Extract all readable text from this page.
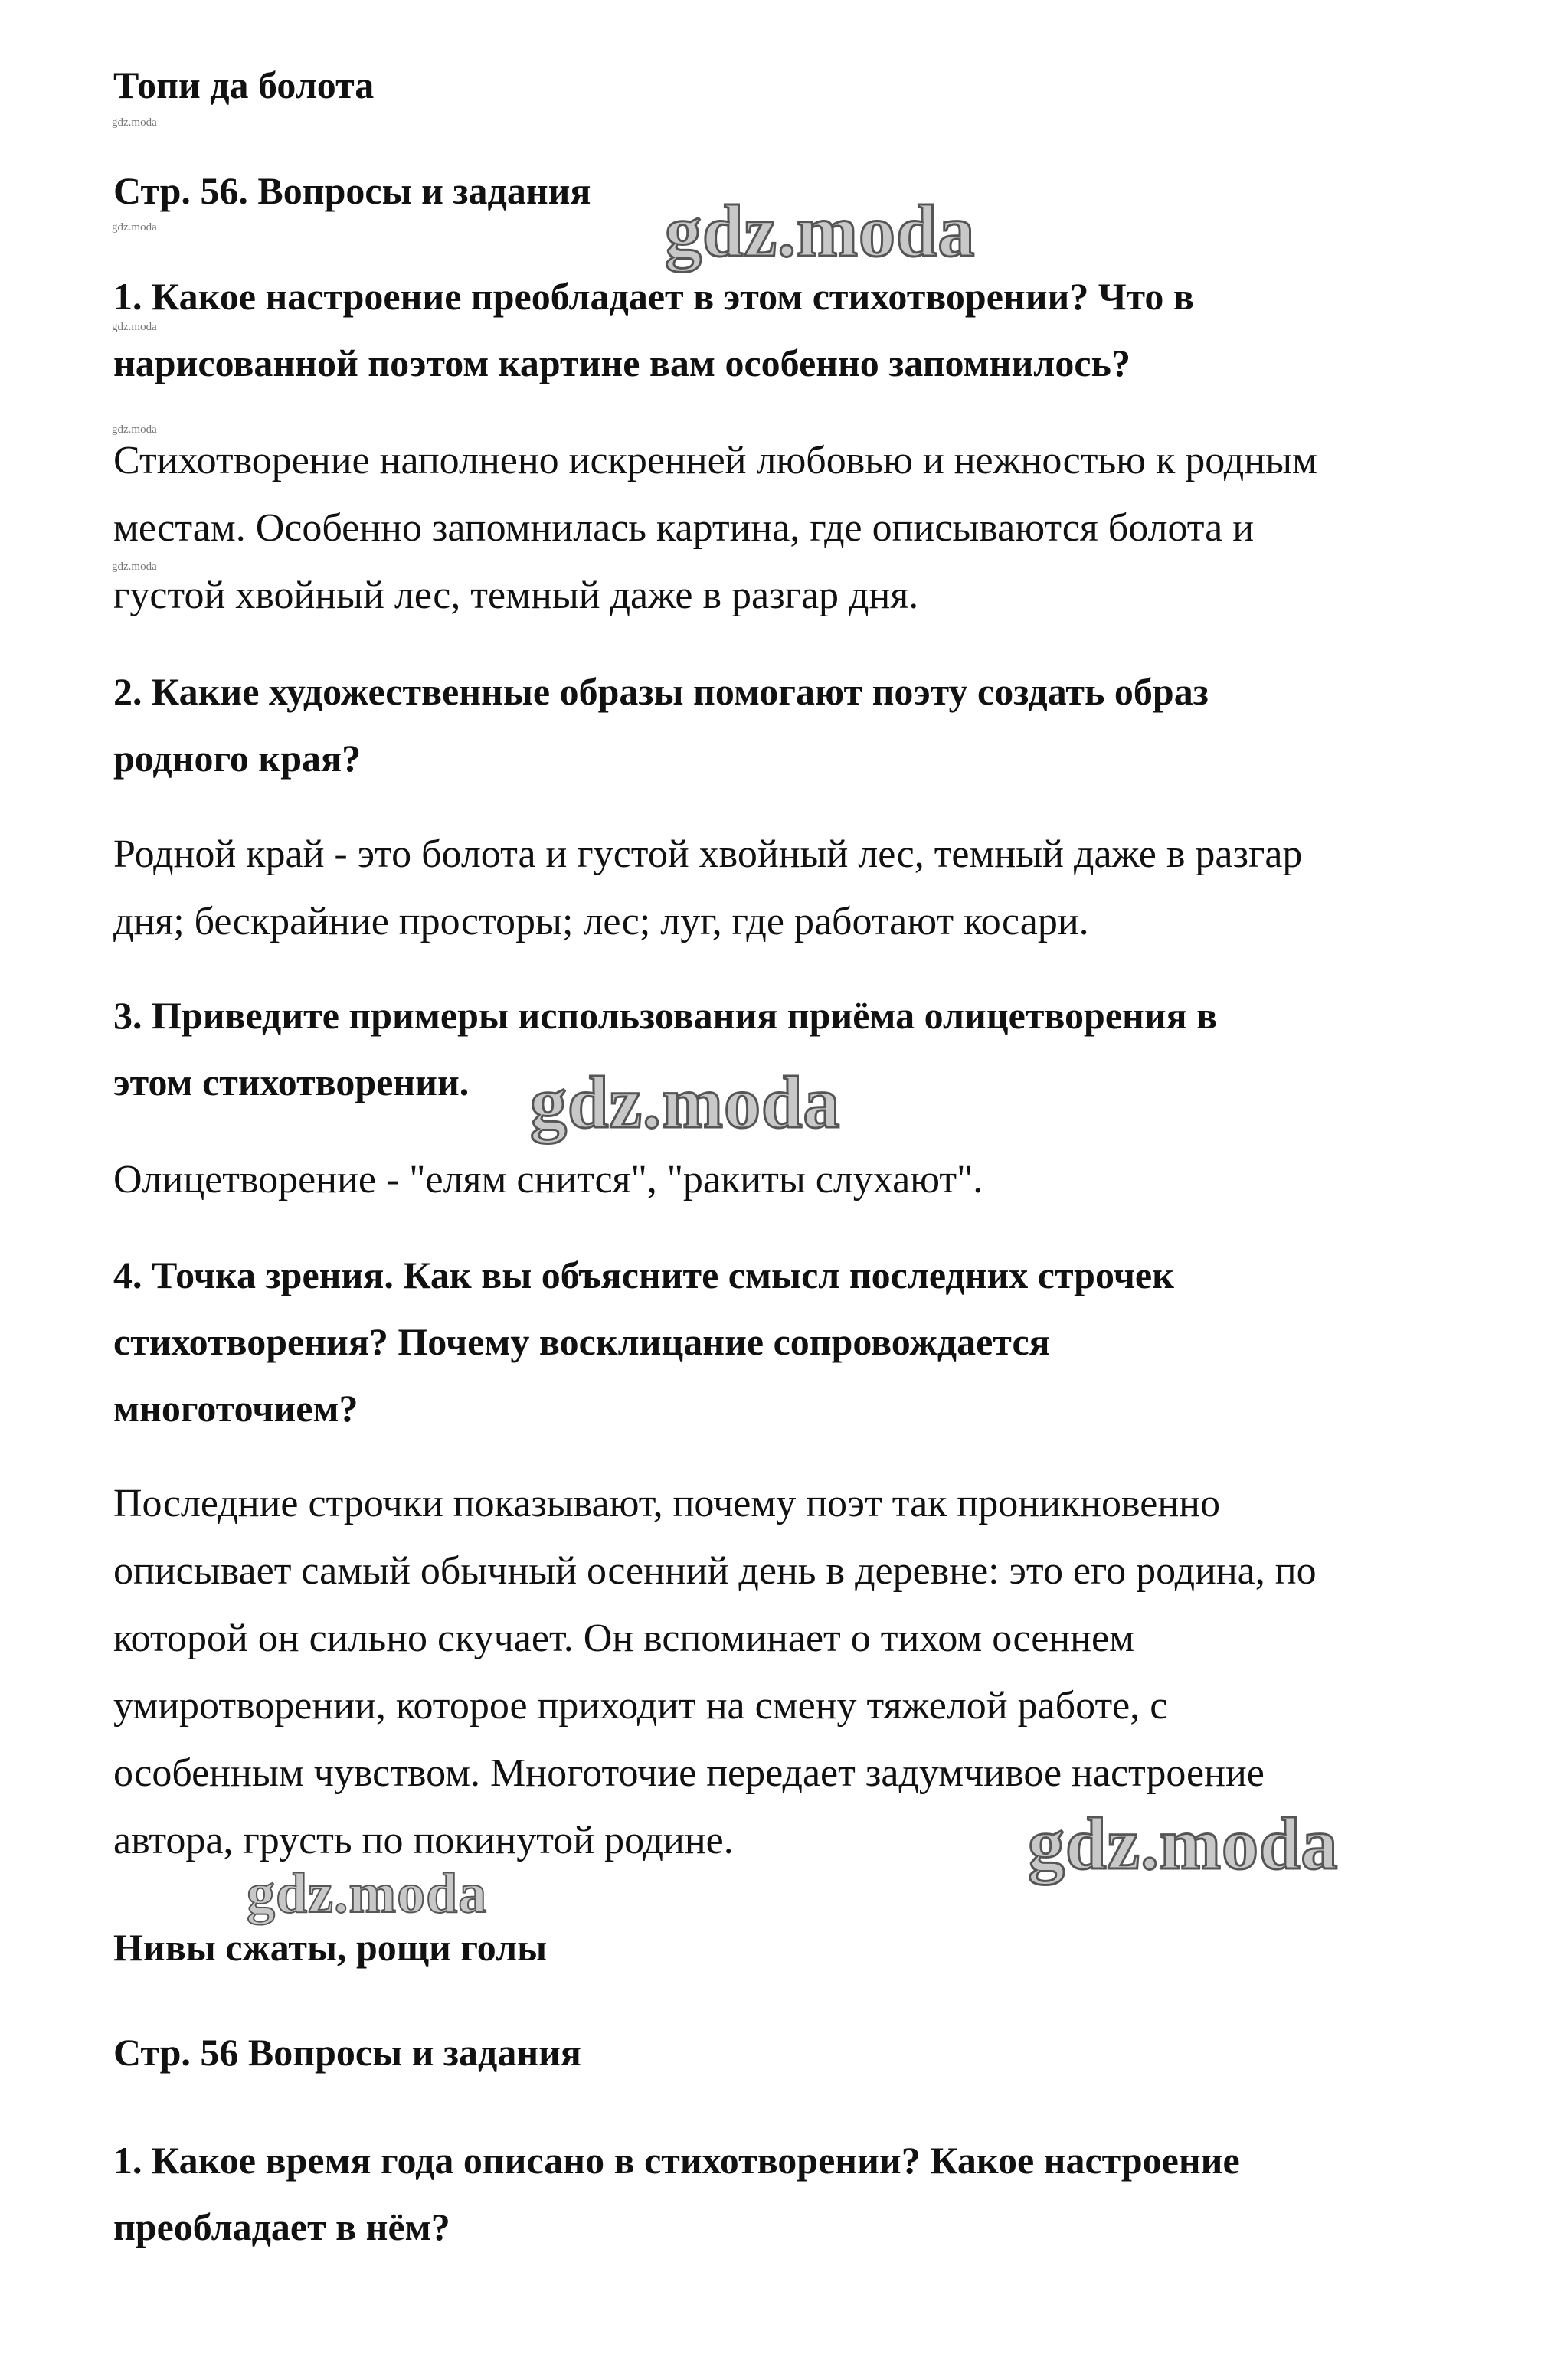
Топи да болота
gdz.moda
Стр. 56. Вопросы и задания
gdz.moda	gdz.moda
1. Какое настроение преобладает в этом стихотворении? Что в
gdz.moda
нарисованной поэтом картине вам особенно запомнилось?
gdz.moda
Стихотворение наполнено искренней любовью и нежностью к родным
местам. Особенно запомнилась картина, где описываются болота и
gdz.moda
густой хвойный лес, темный даже в разгар дня.
2. Какие художественные образы помогают поэту создать образ
родного края?
Родной край - это болота и густой хвойный лес, темный даже в разгар
дня; бескрайние просторы; лес; луг, где работают косари.
3. Приведите примеры использования приёма олицетворения в
этом стихотворении. gdz.moda
Олицетворение - "елям снится", "ракиты слухают".
4. Точка зрения. Как вы объясните смысл последних строчек
стихотворения? Почему восклицание сопровождается
многоточием?
Последние строчки показывают, почему поэт так проникновенно
описывает самый обычный осенний день в деревне: это его родина, по
которой он сильно скучает. Он вспоминает о тихом осеннем
умиротворении, которое приходит на смену тяжелой работе, с
особенным чувством. Многоточие передает задумчивое настроение
автора, грусть по покинутой родине.	gdz.moda
gdz.moda
Нивы сжаты, рощи голы
Стр. 56 Вопросы и задания
1. Какое время года описано в стихотворении? Какое настроение
преобладает в нём?
